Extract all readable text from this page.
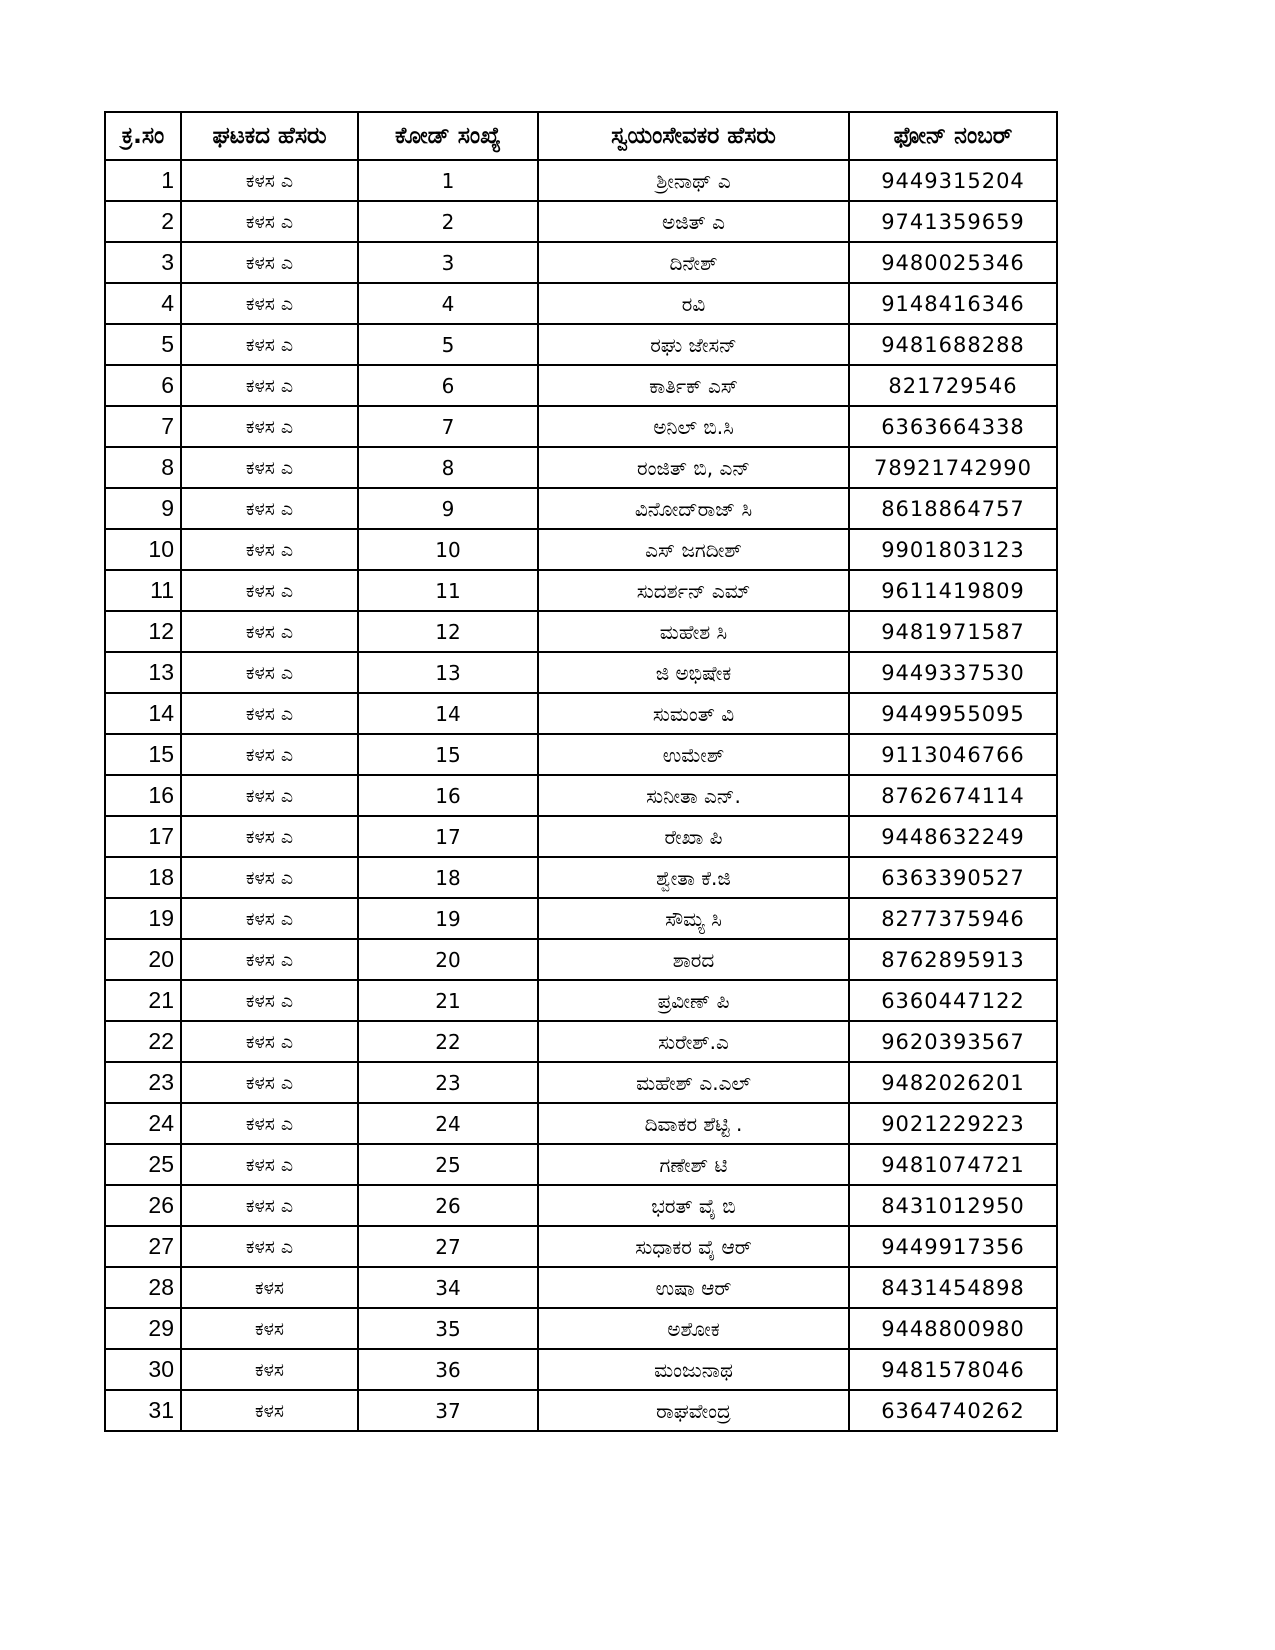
ಕ್ರ.ಸಂ	ಘಟಕದ ಹೆಸರು	ಕೋಡ್ ಸಂಖ್ಯೆ	ಸ್ವಯಂಸೇವಕರ ಹೆಸರು	ಫೋನ್ ನಂಬರ್
1	ಕಳಸ ಎ	1	ಶ್ರೀನಾಥ್ ಎ	9449315204
2	ಕಳಸ ಎ	2	ಅಜಿತ್ ಎ	9741359659
3	ಕಳಸ ಎ	3	ದಿನೇಶ್	9480025346
4	ಕಳಸ ಎ	4	ರವಿ	9148416346
5	ಕಳಸ ಎ	5	ರಘು ಜೇಸನ್	9481688288
6	ಕಳಸ ಎ	6	ಕಾರ್ತಿಕ್ ಎಸ್	821729546
7	ಕಳಸ ಎ	7	ಅನಿಲ್ ಬಿ.ಸಿ	6363664338
8	ಕಳಸ ಎ	8	ರಂಜಿತ್ ಬಿ, ಎನ್	78921742990
9	ಕಳಸ ಎ	9	ವಿನೋದ್‌ರಾಜ್ ಸಿ	8618864757
10	ಕಳಸ ಎ	10	ಎಸ್ ಜಗದೀಶ್	9901803123
11	ಕಳಸ ಎ	11	ಸುದರ್ಶನ್ ಎಮ್	9611419809
12	ಕಳಸ ಎ	12	ಮಹೇಶ ಸಿ	9481971587
13	ಕಳಸ ಎ	13	ಜಿ ಅಭಿಷೇಕ	9449337530
14	ಕಳಸ ಎ	14	ಸುಮಂತ್ ವಿ	9449955095
15	ಕಳಸ ಎ	15	ಉಮೇಶ್	9113046766
16	ಕಳಸ ಎ	16	ಸುನೀತಾ ಎನ್.	8762674114
17	ಕಳಸ ಎ	17	ರೇಖಾ ಪಿ	9448632249
18	ಕಳಸ ಎ	18	ಶ್ವೇತಾ ಕೆ.ಜಿ	6363390527
19	ಕಳಸ ಎ	19	ಸೌಮ್ಯ ಸಿ	8277375946
20	ಕಳಸ ಎ	20	ಶಾರದ	8762895913
21	ಕಳಸ ಎ	21	ಪ್ರವೀಣ್ ಪಿ	6360447122
22	ಕಳಸ ಎ	22	ಸುರೇಶ್.ಎ	9620393567
23	ಕಳಸ ಎ	23	ಮಹೇಶ್ ಎ.ಎಲ್	9482026201
24	ಕಳಸ ಎ	24	ದಿವಾಕರ ಶೆಟ್ಟಿ .	9021229223
25	ಕಳಸ ಎ	25	ಗಣೇಶ್ ಟಿ	9481074721
26	ಕಳಸ ಎ	26	ಭರತ್ ವೈ ಬಿ	8431012950
27	ಕಳಸ ಎ	27	ಸುಧಾಕರ ವೈ ಆರ್	9449917356
28	ಕಳಸ	34	ಉಷಾ ಆರ್	8431454898
29	ಕಳಸ	35	ಅಶೋಕ	9448800980
30	ಕಳಸ	36	ಮಂಜುನಾಥ	9481578046
31	ಕಳಸ	37	ರಾಘವೇಂದ್ರ	6364740262
